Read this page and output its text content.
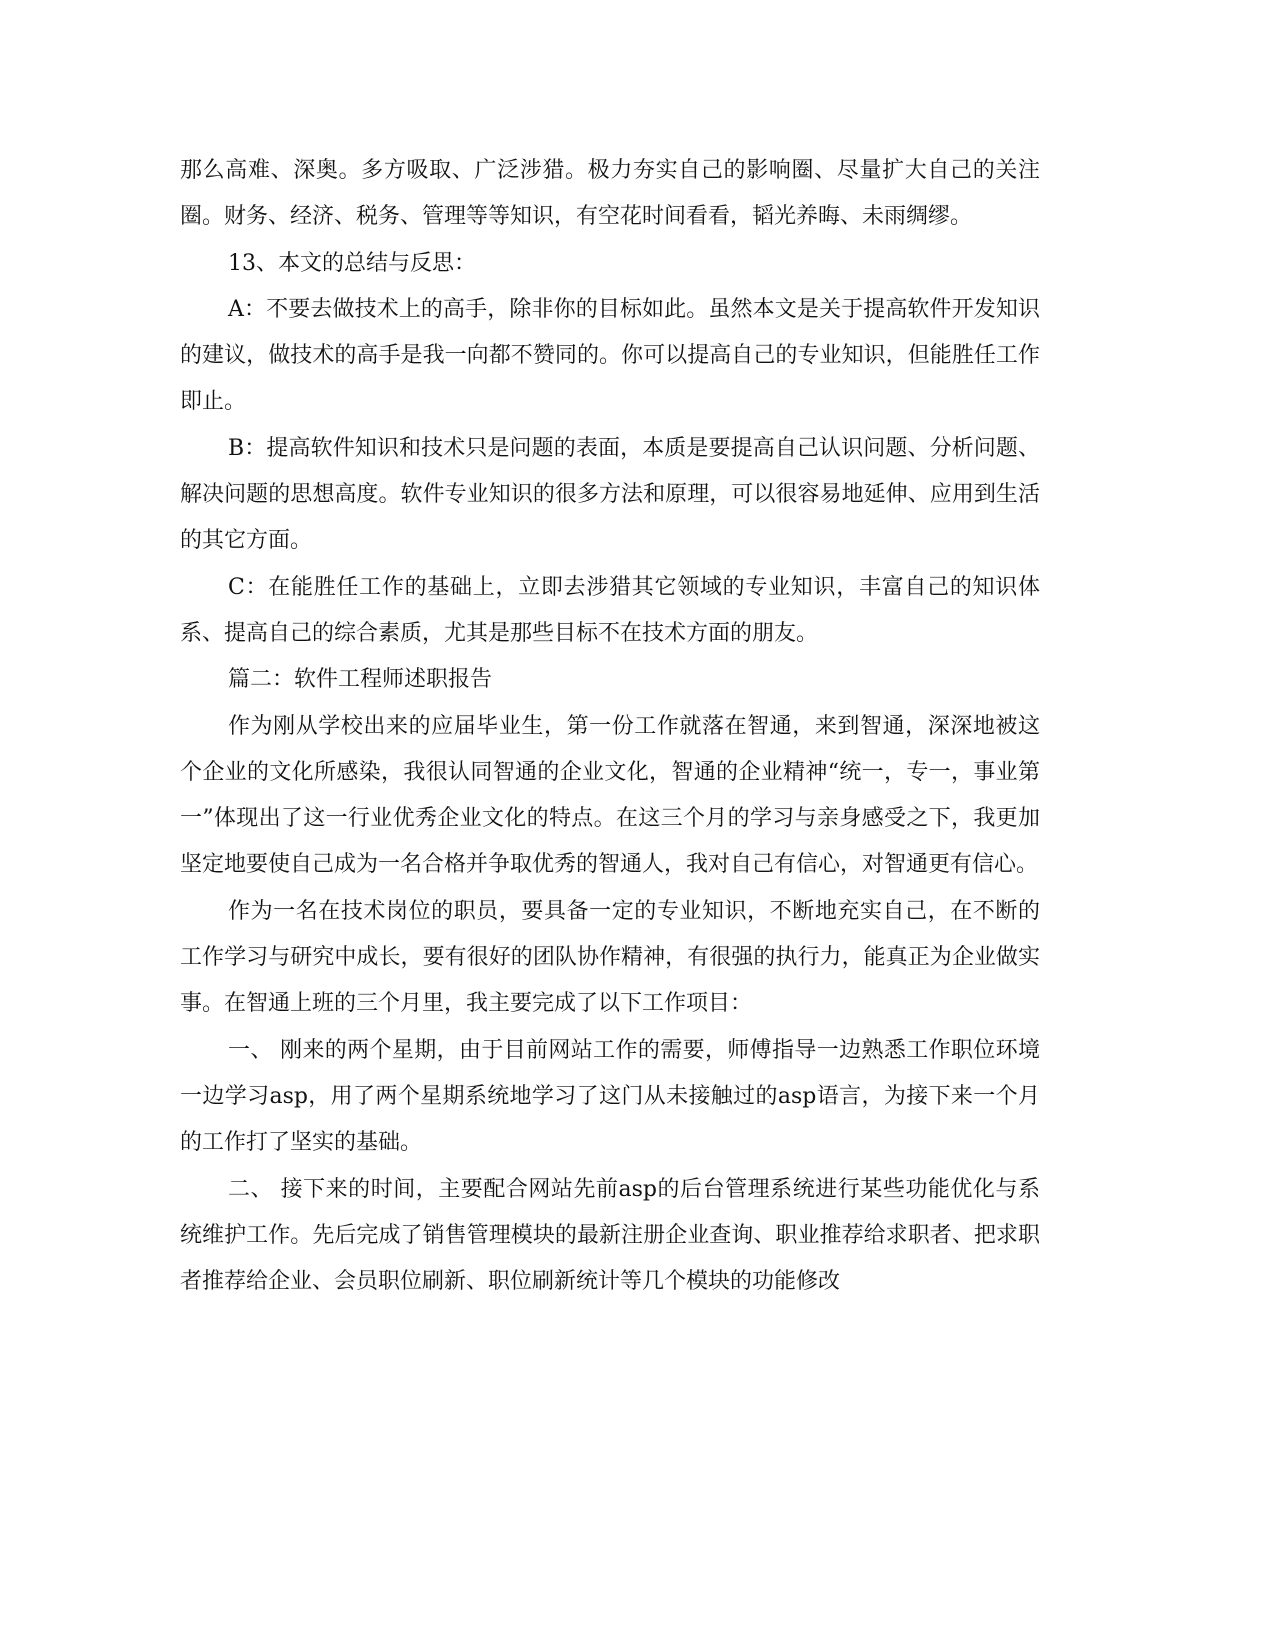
那么高难、深奥。多方吸取、广泛涉猎。极力夯实自己的影响圈、尽量扩大自己的关注圈。财务、经济、税务、管理等等知识，有空花时间看看，韬光养晦、未雨绸缪。

13、本文的总结与反思：

A：不要去做技术上的高手，除非你的目标如此。虽然本文是关于提高软件开发知识的建议，做技术的高手是我一向都不赞同的。你可以提高自己的专业知识，但能胜任工作即止。

B：提高软件知识和技术只是问题的表面，本质是要提高自己认识问题、分析问题、解决问题的思想高度。软件专业知识的很多方法和原理，可以很容易地延伸、应用到生活的其它方面。

C：在能胜任工作的基础上，立即去涉猎其它领域的专业知识，丰富自己的知识体系、提高自己的综合素质，尤其是那些目标不在技术方面的朋友。

篇二：软件工程师述职报告

作为刚从学校出来的应届毕业生，第一份工作就落在智通，来到智通，深深地被这个企业的文化所感染，我很认同智通的企业文化，智通的企业精神“统一，专一，事业第一”体现出了这一行业优秀企业文化的特点。在这三个月的学习与亲身感受之下，我更加坚定地要使自己成为一名合格并争取优秀的智通人，我对自己有信心，对智通更有信心。

作为一名在技术岗位的职员，要具备一定的专业知识，不断地充实自己，在不断的工作学习与研究中成长，要有很好的团队协作精神，有很强的执行力，能真正为企业做实事。在智通上班的三个月里，我主要完成了以下工作项目：

一、 刚来的两个星期，由于目前网站工作的需要，师傅指导一边熟悉工作职位环境一边学习asp，用了两个星期系统地学习了这门从未接触过的asp语言，为接下来一个月的工作打了坚实的基础。

二、 接下来的时间，主要配合网站先前asp的后台管理系统进行某些功能优化与系统维护工作。先后完成了销售管理模块的最新注册企业查询、职业推荐给求职者、把求职者推荐给企业、会员职位刷新、职位刷新统计等几个模块的功能修改
